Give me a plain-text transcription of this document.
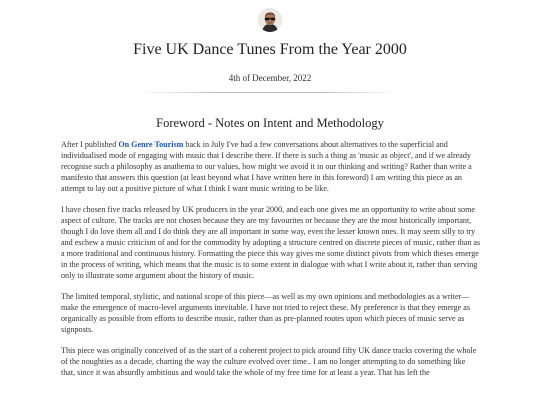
Five UK Dance Tunes From the Year 2000
4th of December, 2022
Foreword - Notes on Intent and Methodology

After I published On Genre Tourism back in July I've had a few conversations about alternatives to the superficial and individualised mode of engaging with music that I describe there. If there is such a thing as 'music as object', and if we already recognise such a philosophy as anathema to our values, how might we avoid it in our thinking and writing? Rather than write a manifesto that answers this question (at least beyond what I have written here in this foreword) I am writing this piece as an attempt to lay out a positive picture of what I think I want music writing to be like.

I have chosen five tracks released by UK producers in the year 2000, and each one gives me an opportunity to write about some aspect of culture. The tracks are not chosen because they are my favourites or because they are the most historically important, though I do love them all and I do think they are all important in some way, even the lesser known ones. It may seem silly to try and eschew a music criticism of and for the commodity by adopting a structure centred on discrete pieces of music, rather than as a more traditional and continuous history. Formatting the piece this way gives me some distinct pivots from which theses emerge in the process of writing, which means that the music is to some extent in dialogue with what I write about it, rather than serving only to illustrate some argument about the history of music.

The limited temporal, stylistic, and national scope of this piece—as well as my own opinions and methodologies as a writer—make the emergence of macro-level arguments inevitable. I have not tried to reject these. My preference is that they emerge as organically as possible from efforts to describe music, rather than as pre-planned routes upon which pieces of music serve as signposts.

This piece was originally conceived of as the start of a coherent project to pick around fifty UK dance tracks covering the whole of the noughties as a decade, charting the way the culture evolved over time.. I am no longer attempting to do something like that, since it was absurdly ambitious and would take the whole of my free time for at least a year. That has left the
